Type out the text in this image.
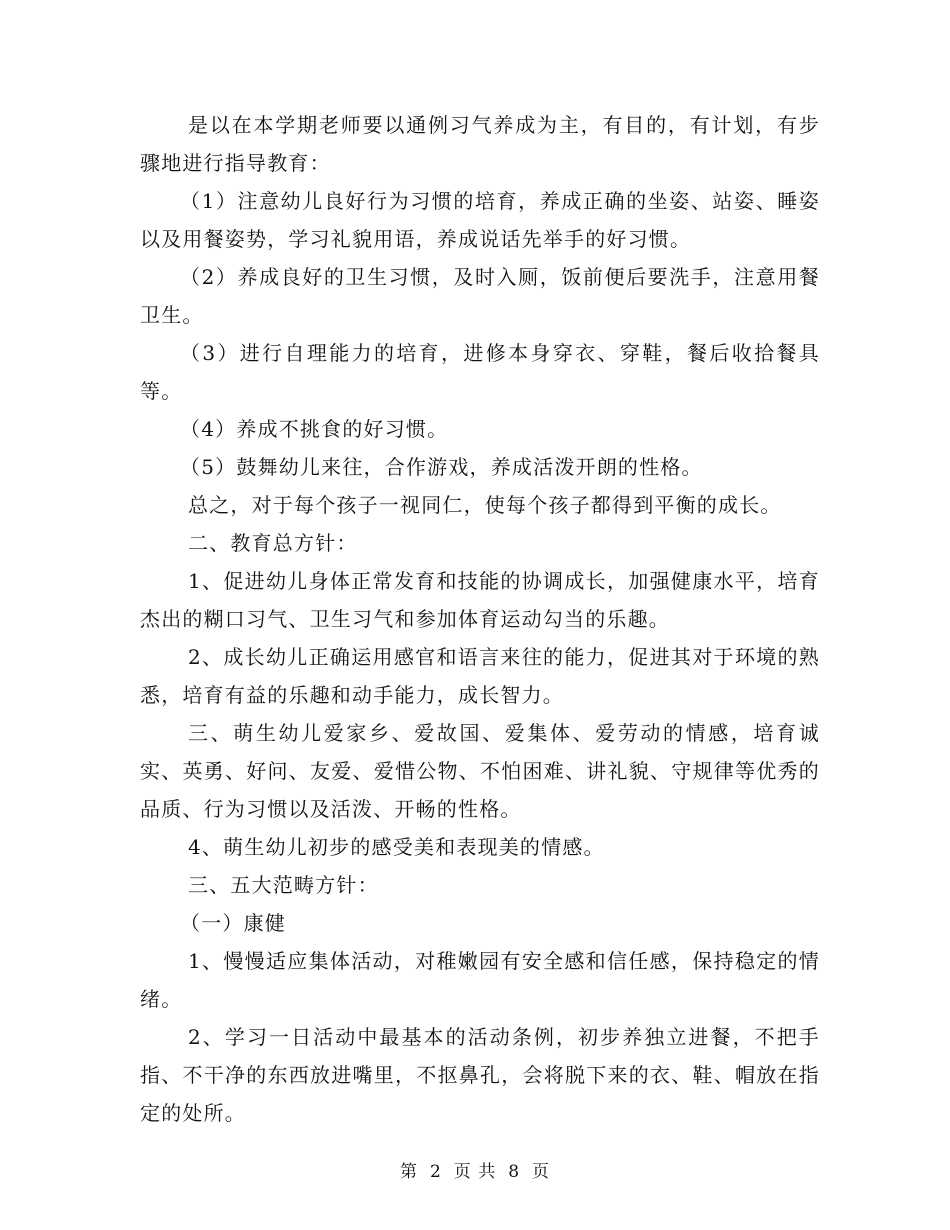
是以在本学期老师要以通例习气养成为主，有目的，有计划，有步骤地进行指导教育：

（1）注意幼儿良好行为习惯的培育，养成正确的坐姿、站姿、睡姿以及用餐姿势，学习礼貌用语，养成说话先举手的好习惯。

（2）养成良好的卫生习惯，及时入厕，饭前便后要洗手，注意用餐卫生。

（3）进行自理能力的培育，进修本身穿衣、穿鞋，餐后收拾餐具等。

（4）养成不挑食的好习惯。

（5）鼓舞幼儿来往，合作游戏，养成活泼开朗的性格。

总之，对于每个孩子一视同仁，使每个孩子都得到平衡的成长。

二、教育总方针：

1、促进幼儿身体正常发育和技能的协调成长，加强健康水平，培育杰出的糊口习气、卫生习气和参加体育运动勾当的乐趣。

2、成长幼儿正确运用感官和语言来往的能力，促进其对于环境的熟悉，培育有益的乐趣和动手能力，成长智力。

三、萌生幼儿爱家乡、爱故国、爱集体、爱劳动的情感，培育诚实、英勇、好问、友爱、爱惜公物、不怕困难、讲礼貌、守规律等优秀的品质、行为习惯以及活泼、开畅的性格。

4、萌生幼儿初步的感受美和表现美的情感。

三、五大范畴方针：

（一）康健

1、慢慢适应集体活动，对稚嫩园有安全感和信任感，保持稳定的情绪。

2、学习一日活动中最基本的活动条例，初步养独立进餐，不把手指、不干净的东西放进嘴里，不抠鼻孔，会将脱下来的衣、鞋、帽放在指定的处所。

第 2 页 共 8 页
